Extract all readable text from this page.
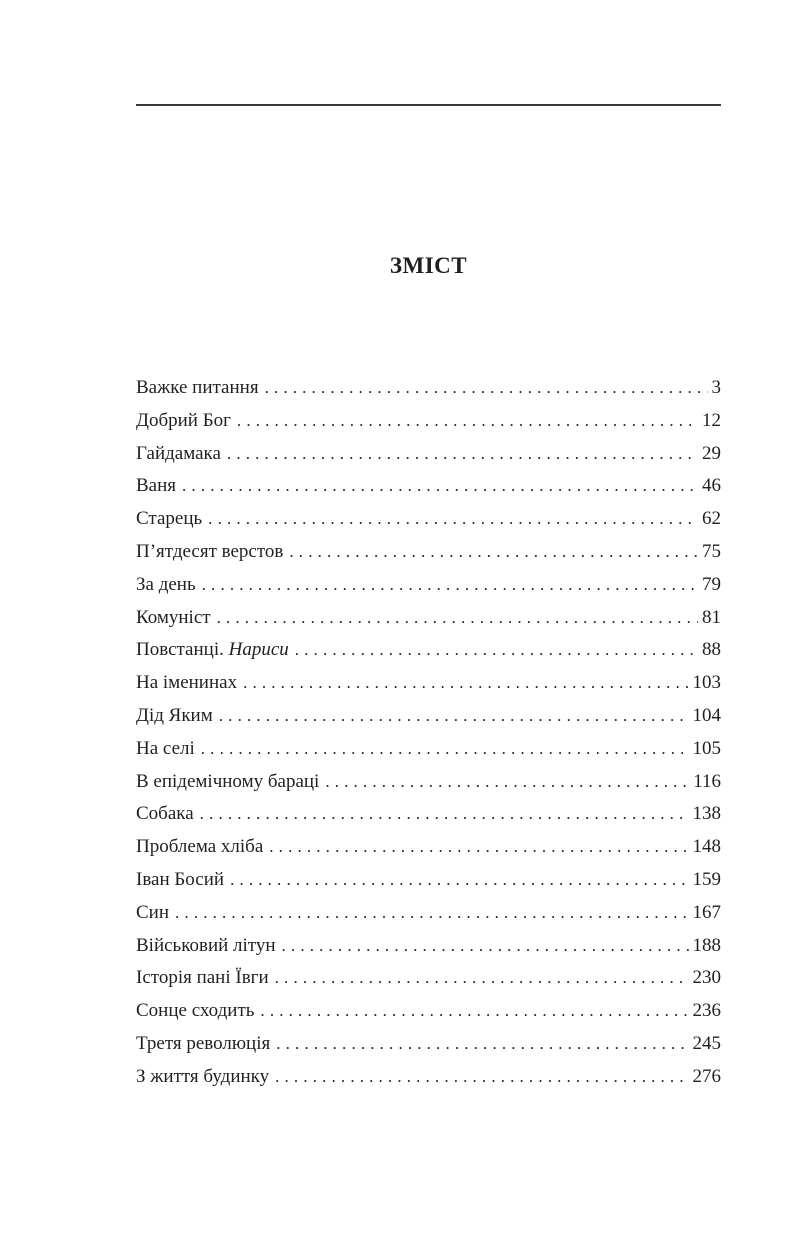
ЗМІСТ
Важке питання . . .	3
Добрий Бог . . .	12
Гайдамака . . .	29
Ваня . . .	46
Старець . . .	62
П’ятдесят верстов . . .	75
За день . . .	79
Комуніст . . .	81
Повстанці. Нариси . . .	88
На іменинах . . .	103
Дід Яким . . .	104
На селі . . .	105
В епідемічному бараці . . .	116
Собака . . .	138
Проблема хліба . . .	148
Іван Босий . . .	159
Син . . .	167
Військовий літун . . .	188
Історія пані Ївги . . .	230
Сонце сходить . . .	236
Третя революція . . .	245
З життя будинку . . .	276
